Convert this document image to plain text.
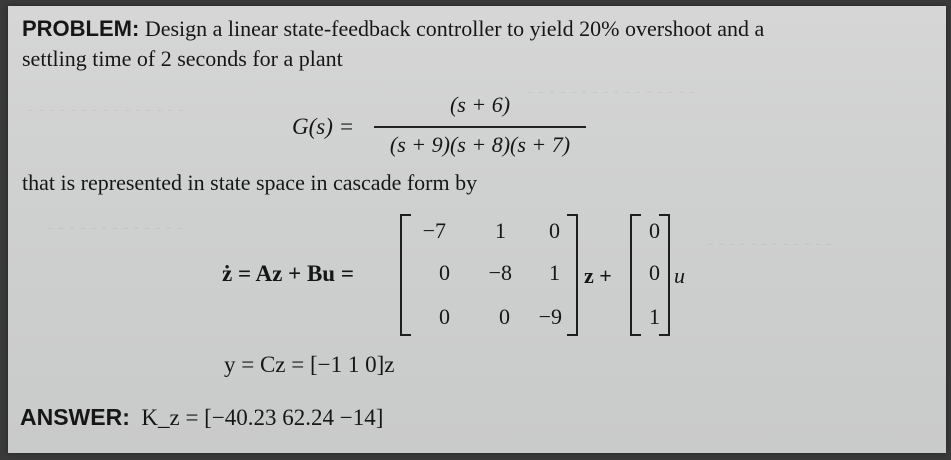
- - - - - - - - - - - - - - - -
- - - - - - - - - - - - - - -
- - - - - - - - - - - - -
- - - - - - - - - - - -
PROBLEM: Design a linear state-feedback controller to yield 20% overshoot and a
settling time of 2 seconds for a plant
G(s) =
(s + 6)
(s + 9)(s + 8)(s + 7)
that is represented in state space in cascade form by
ż = Az + Bu =
−7	1	0
0	−8	1
0	0	−9
z +
0
0
1
u
y = Cz = [−1 1 0]z
ANSWER: K_z = [−40.23 62.24 −14]
